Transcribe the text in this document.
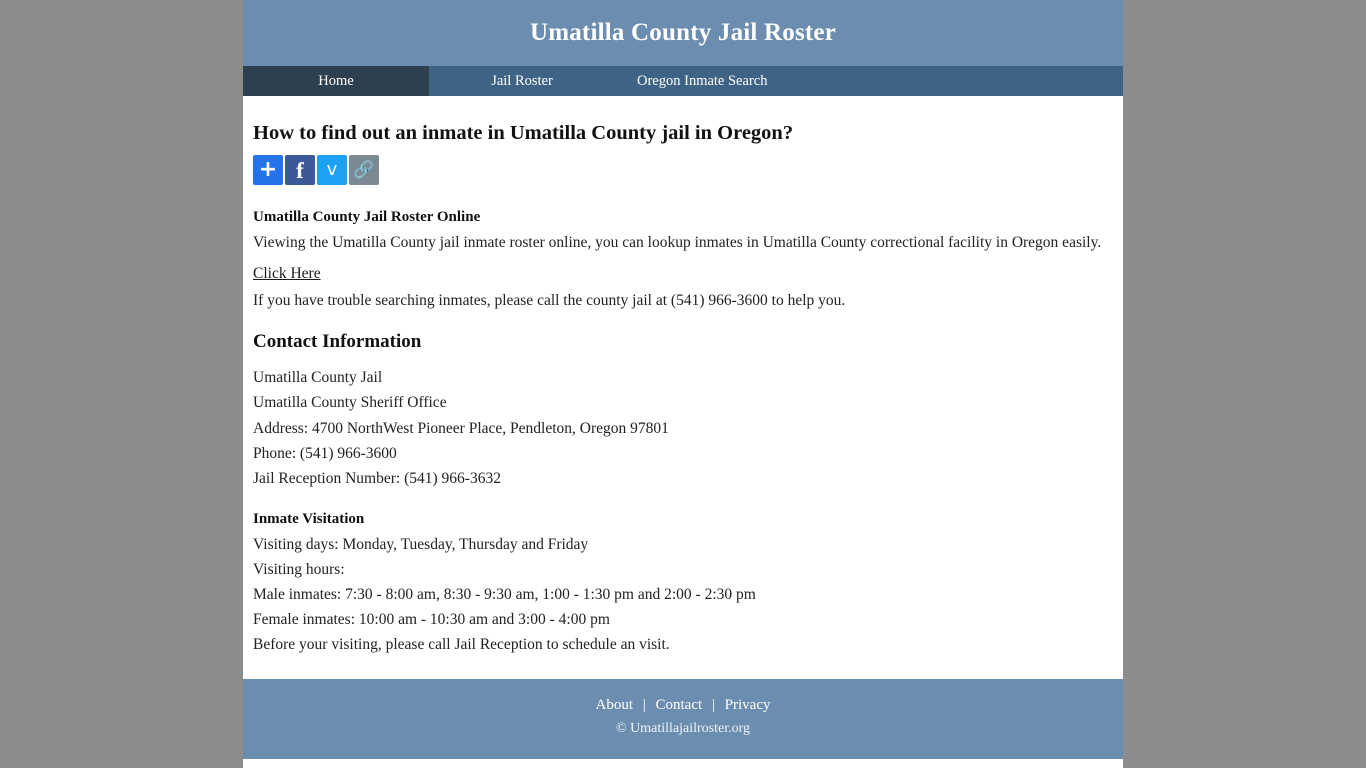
Umatilla County Jail Roster
Home	Jail Roster	Oregon Inmate Search
How to find out an inmate in Umatilla County jail in Oregon?
+ f	ᴠ 🔗
Umatilla County Jail Roster Online

Viewing the Umatilla County jail inmate roster online, you can lookup inmates in Umatilla County correctional facility in Oregon easily.

Click Here

If you have trouble searching inmates, please call the county jail at (541) 966-3600 to help you.

Contact Information
Umatilla County Jail
Umatilla County Sheriff Office
Address: 4700 NorthWest Pioneer Place, Pendleton, Oregon 97801
Phone: (541) 966-3600
Jail Reception Number: (541) 966-3632
Inmate Visitation
Visiting days: Monday, Tuesday, Thursday and Friday
Visiting hours:
Male inmates: 7:30 - 8:00 am, 8:30 - 9:30 am, 1:00 - 1:30 pm and 2:00 - 2:30 pm
Female inmates: 10:00 am - 10:30 am and 3:00 - 4:00 pm
Before your visiting, please call Jail Reception to schedule an visit.
About | Contact | Privacy
© Umatillajailroster.org
